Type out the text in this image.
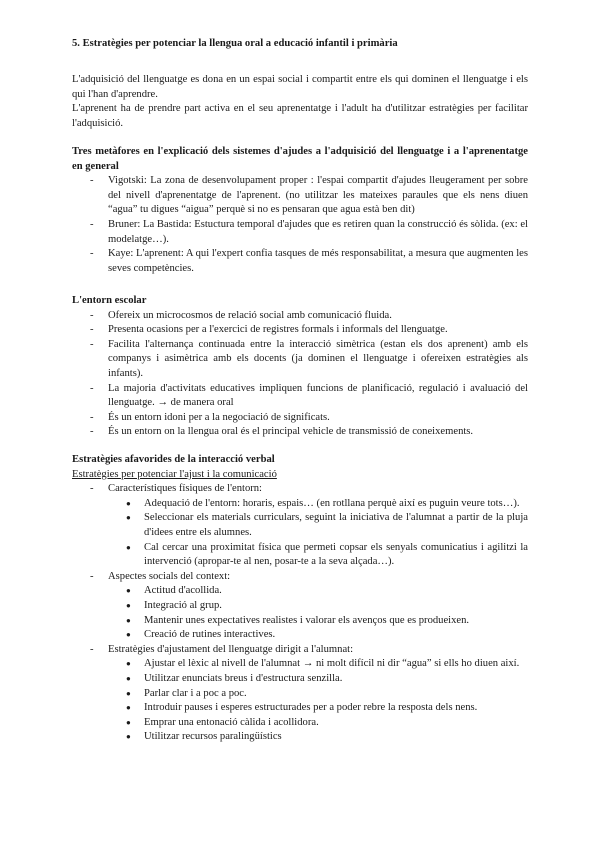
5. Estratègies per potenciar la llengua oral a educació infantil i primària

L'adquisició del llenguatge es dona en un espai social i compartit entre els qui dominen el llenguatge i els qui l'han d'aprendre.

L'aprenent ha de prendre part activa en el seu aprenentatge i l'adult ha d'utilitzar estratègies per facilitar l'adquisició.

Tres metàfores en l'explicació dels sistemes d'ajudes a l'adquisició del llenguatge i a l'aprenentatge en general
- Vigotski: La zona de desenvolupament proper : l'espai compartit d'ajudes lleugerament per sobre del nivell d'aprenentatge de l'aprenent. (no utilitzar les mateixes paraules que els nens diuen “agua” tu digues “aigua” perquè si no es pensaran que agua està ben dit)
- Bruner: La Bastida: Estuctura temporal d'ajudes que es retiren quan la construcció és sòlida. (ex: el modelatge…).
- Kaye: L'aprenent: A qui l'expert confia tasques de més responsabilitat, a mesura que augmenten les seves competències.
L'entorn escolar
- Ofereix un microcosmos de relació social amb comunicació fluida.
- Presenta ocasions per a l'exercici de registres formals i informals del llenguatge.
- Facilita l'alternança continuada entre la interacció simètrica (estan els dos aprenent) amb els companys i asimètrica amb els docents (ja dominen el llenguatge i ofereixen estratègies als infants).
- La majoria d'activitats educatives impliquen funcions de planificació, regulació i avaluació del llenguatge. → de manera oral
- És un entorn idoni per a la negociació de significats.
- És un entorn on la llengua oral és el principal vehicle de transmissió de coneixements.
Estratègies afavorides de la interacció verbal
Estratègies per potenciar l'ajust i la comunicació
- Característiques físiques de l'entorn:
● Adequació de l'entorn: horaris, espais… (en rotllana perquè així es puguin veure tots…).
● Seleccionar els materials curriculars, seguint la iniciativa de l'alumnat a partir de la pluja d'idees entre els alumnes.
● Cal cercar una proximitat física que permeti copsar els senyals comunicatius i agilitzi la intervenció (apropar-te al nen, posar-te a la seva alçada…).
- Aspectes socials del context:
● Actitud d'acollida.
● Integració al grup.
● Mantenir unes expectatives realistes i valorar els avenços que es produeixen.
● Creació de rutines interactives.
- Estratègies d'ajustament del llenguatge dirigit a l'alumnat:
● Ajustar el lèxic al nivell de l'alumnat → ni molt difícil ni dir “agua” si ells ho diuen així.
● Utilitzar enunciats breus i d'estructura senzilla.
● Parlar clar i a poc a poc.
● Introduir pauses i esperes estructurades per a poder rebre la resposta dels nens.
● Emprar una entonació càlida i acollidora.
● Utilitzar recursos paralingüístics
